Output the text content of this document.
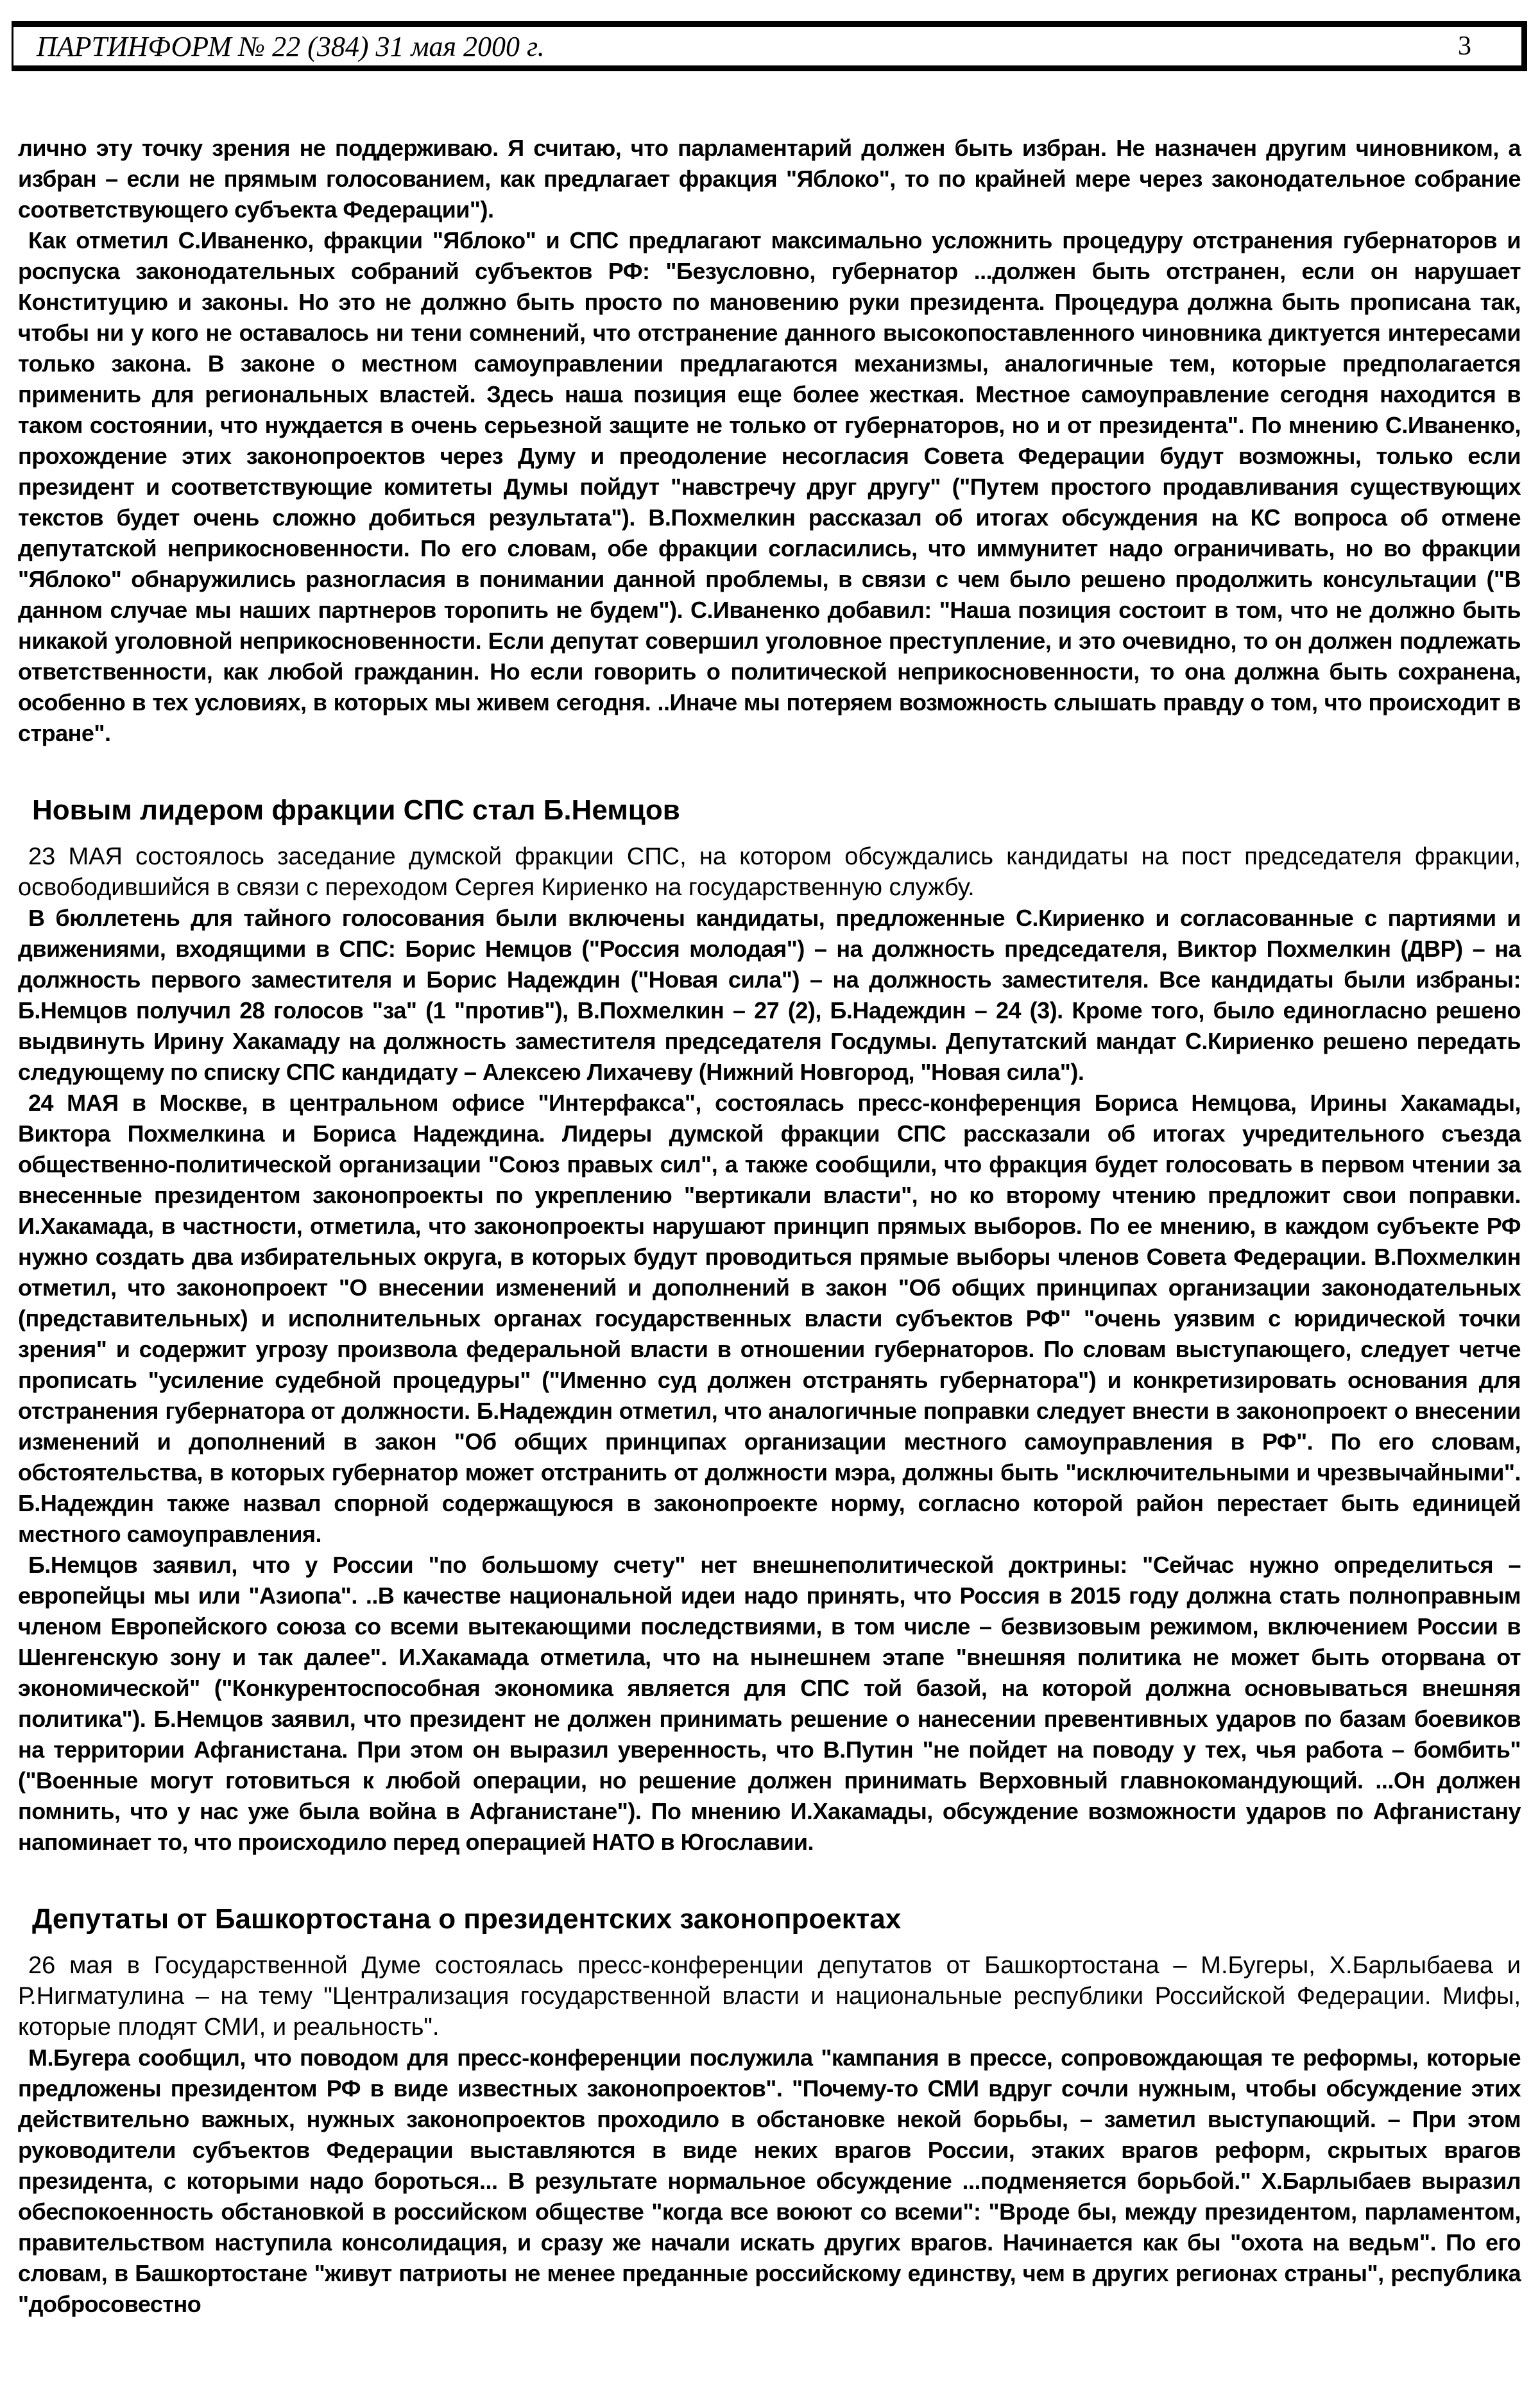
ПАРТИНФОРМ № 22 (384) 31 мая 2000 г.	3

лично эту точку зрения не поддерживаю. Я считаю, что парламентарий должен быть избран. Не назначен другим чиновником, а избран – если не прямым голосованием, как предлагает фракция "Яблоко", то по крайней мере через законодательное собрание соответствующего субъекта Федерации").

Как отметил С.Иваненко, фракции "Яблоко" и СПС предлагают максимально усложнить процедуру отстранения губернаторов и роспуска законодательных собраний субъектов РФ: "Безусловно, губернатор ...должен быть отстранен, если он нарушает Конституцию и законы. Но это не должно быть просто по мановению руки президента. Процедура должна быть прописана так, чтобы ни у кого не оставалось ни тени сомнений, что отстранение данного высокопоставленного чиновника диктуется интересами только закона. В законе о местном самоуправлении предлагаются механизмы, аналогичные тем, которые предполагается применить для региональных властей. Здесь наша позиция еще более жесткая. Местное самоуправление сегодня находится в таком состоянии, что нуждается в очень серьезной защите не только от губернаторов, но и от президента". По мнению С.Иваненко, прохождение этих законопроектов через Думу и преодоление несогласия Совета Федерации будут возможны, только если президент и соответствующие комитеты Думы пойдут "навстречу друг другу" ("Путем простого продавливания существующих текстов будет очень сложно добиться результата"). В.Похмелкин рассказал об итогах обсуждения на КС вопроса об отмене депутатской неприкосновенности. По его словам, обе фракции согласились, что иммунитет надо ограничивать, но во фракции "Яблоко" обнаружились разногласия в понимании данной проблемы, в связи с чем было решено продолжить консультации ("В данном случае мы наших партнеров торопить не будем"). С.Иваненко добавил: "Наша позиция состоит в том, что не должно быть никакой уголовной неприкосновенности. Если депутат совершил уголовное преступление, и это очевидно, то он должен подлежать ответственности, как любой гражданин. Но если говорить о политической неприкосновенности, то она должна быть сохранена, особенно в тех условиях, в которых мы живем сегодня. ..Иначе мы потеряем возможность слышать правду о том, что происходит в стране".

Новым лидером фракции СПС стал Б.Немцов

23 МАЯ состоялось заседание думской фракции СПС, на котором обсуждались кандидаты на пост председателя фракции, освободившийся в связи с переходом Сергея Кириенко на государственную службу.

В бюллетень для тайного голосования были включены кандидаты, предложенные С.Кириенко и согласованные с партиями и движениями, входящими в СПС: Борис Немцов ("Россия молодая") – на должность председателя, Виктор Похмелкин (ДВР) – на должность первого заместителя и Борис Надеждин ("Новая сила") – на должность заместителя. Все кандидаты были избраны: Б.Немцов получил 28 голосов "за" (1 "против"), В.Похмелкин – 27 (2), Б.Надеждин – 24 (3). Кроме того, было единогласно решено выдвинуть Ирину Хакамаду на должность заместителя председателя Госдумы. Депутатский мандат С.Кириенко решено передать следующему по списку СПС кандидату – Алексею Лихачеву (Нижний Новгород, "Новая сила").

24 МАЯ в Москве, в центральном офисе "Интерфакса", состоялась пресс-конференция Бориса Немцова, Ирины Хакамады, Виктора Похмелкина и Бориса Надеждина. Лидеры думской фракции СПС рассказали об итогах учредительного съезда общественно-политической организации "Союз правых сил", а также сообщили, что фракция будет голосовать в первом чтении за внесенные президентом законопроекты по укреплению "вертикали власти", но ко второму чтению предложит свои поправки. И.Хакамада, в частности, отметила, что законопроекты нарушают принцип прямых выборов. По ее мнению, в каждом субъекте РФ нужно создать два избирательных округа, в которых будут проводиться прямые выборы членов Совета Федерации. В.Похмелкин отметил, что законопроект "О внесении изменений и дополнений в закон "Об общих принципах организации законодательных (представительных) и исполнительных органах государственных власти субъектов РФ" "очень уязвим с юридической точки зрения" и содержит угрозу произвола федеральной власти в отношении губернаторов. По словам выступающего, следует четче прописать "усиление судебной процедуры" ("Именно суд должен отстранять губернатора") и конкретизировать основания для отстранения губернатора от должности. Б.Надеждин отметил, что аналогичные поправки следует внести в законопроект о внесении изменений и дополнений в закон "Об общих принципах организации местного самоуправления в РФ". По его словам, обстоятельства, в которых губернатор может отстранить от должности мэра, должны быть "исключительными и чрезвычайными". Б.Надеждин также назвал спорной содержащуюся в законопроекте норму, согласно которой район перестает быть единицей местного самоуправления.

Б.Немцов заявил, что у России "по большому счету" нет внешнеполитической доктрины: "Сейчас нужно определиться – европейцы мы или "Азиопа". ..В качестве национальной идеи надо принять, что Россия в 2015 году должна стать полноправным членом Европейского союза со всеми вытекающими последствиями, в том числе – безвизовым режимом, включением России в Шенгенскую зону и так далее". И.Хакамада отметила, что на нынешнем этапе "внешняя политика не может быть оторвана от экономической" ("Конкурентоспособная экономика является для СПС той базой, на которой должна основываться внешняя политика"). Б.Немцов заявил, что президент не должен принимать решение о нанесении превентивных ударов по базам боевиков на территории Афганистана. При этом он выразил уверенность, что В.Путин "не пойдет на поводу у тех, чья работа – бомбить" ("Военные могут готовиться к любой операции, но решение должен принимать Верховный главнокомандующий. ...Он должен помнить, что у нас уже была война в Афганистане"). По мнению И.Хакамады, обсуждение возможности ударов по Афганистану напоминает то, что происходило перед операцией НАТО в Югославии.

Депутаты от Башкортостана о президентских законопроектах

26 мая в Государственной Думе состоялась пресс-конференции депутатов от Башкортостана – М.Бугеры, Х.Барлыбаева и Р.Нигматулина – на тему "Централизация государственной власти и национальные республики Российской Федерации. Мифы, которые плодят СМИ, и реальность".

М.Бугера сообщил, что поводом для пресс-конференции послужила "кампания в прессе, сопровождающая те реформы, которые предложены президентом РФ в виде известных законопроектов". "Почему-то СМИ вдруг сочли нужным, чтобы обсуждение этих действительно важных, нужных законопроектов проходило в обстановке некой борьбы, – заметил выступающий. – При этом руководители субъектов Федерации выставляются в виде неких врагов России, этаких врагов реформ, скрытых врагов президента, с которыми надо бороться... В результате нормальное обсуждение ...подменяется борьбой." Х.Барлыбаев выразил обеспокоенность обстановкой в российском обществе "когда все воюют со всеми": "Вроде бы, между президентом, парламентом, правительством наступила консолидация, и сразу же начали искать других врагов. Начинается как бы "охота на ведьм". По его словам, в Башкортостане "живут патриоты не менее преданные российскому единству, чем в других регионах страны", республика "добросовестно
